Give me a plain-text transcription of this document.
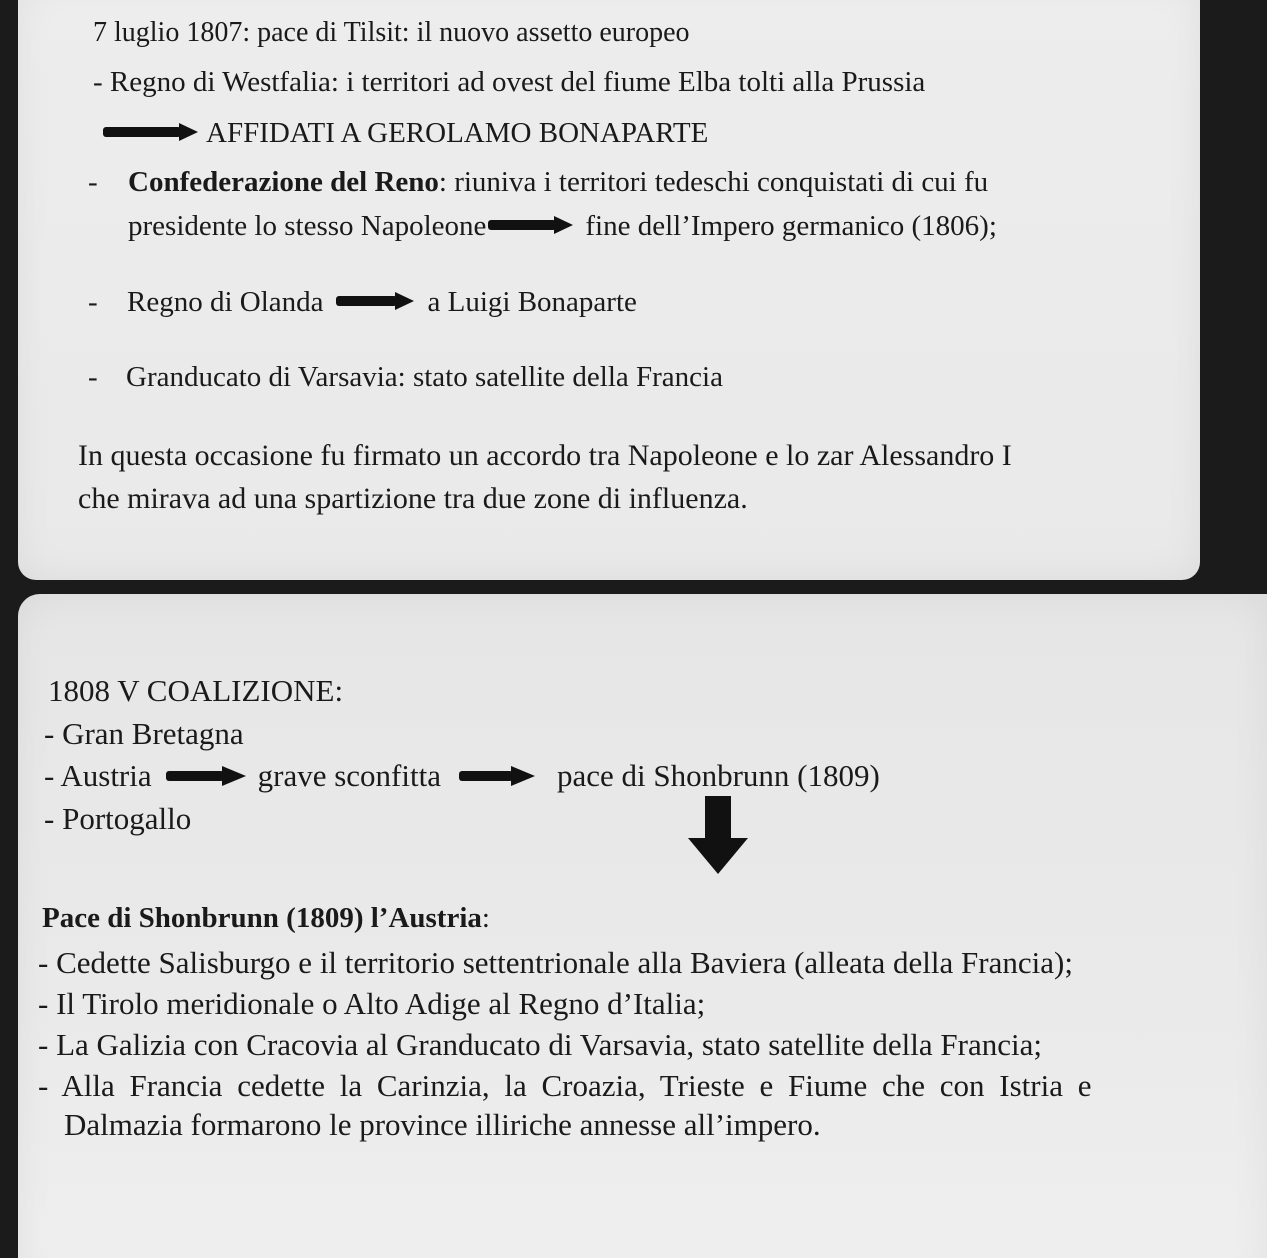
7 luglio 1807: pace di Tilsit: il nuovo assetto europeo
- Regno di Westfalia: i territori ad ovest del fiume Elba tolti alla Prussia
AFFIDATI A GEROLAMO BONAPARTE
- Confederazione del Reno: riuniva i territori tedeschi conquistati di cui fu
presidente lo stesso Napoleone	fine dell’Impero germanico (1806);
- Regno di Olanda	a Luigi Bonaparte
- Granducato di Varsavia: stato satellite della Francia
In questa occasione fu firmato un accordo tra Napoleone e lo zar Alessandro I
che mirava ad una spartizione tra due zone di influenza.
1808 V COALIZIONE:
- Gran Bretagna
- Austria	grave sconfitta	pace di Shonbrunn (1809)
- Portogallo
Pace di Shonbrunn (1809) l’Austria:
- Cedette Salisburgo e il territorio settentrionale alla Baviera (alleata della Francia);
- Il Tirolo meridionale o Alto Adige al Regno d’Italia;
- La Galizia con Cracovia al Granducato di Varsavia, stato satellite della Francia;
- Alla Francia cedette la Carinzia, la Croazia, Trieste e Fiume che con Istria e
Dalmazia formarono le province illiriche annesse all’impero.
